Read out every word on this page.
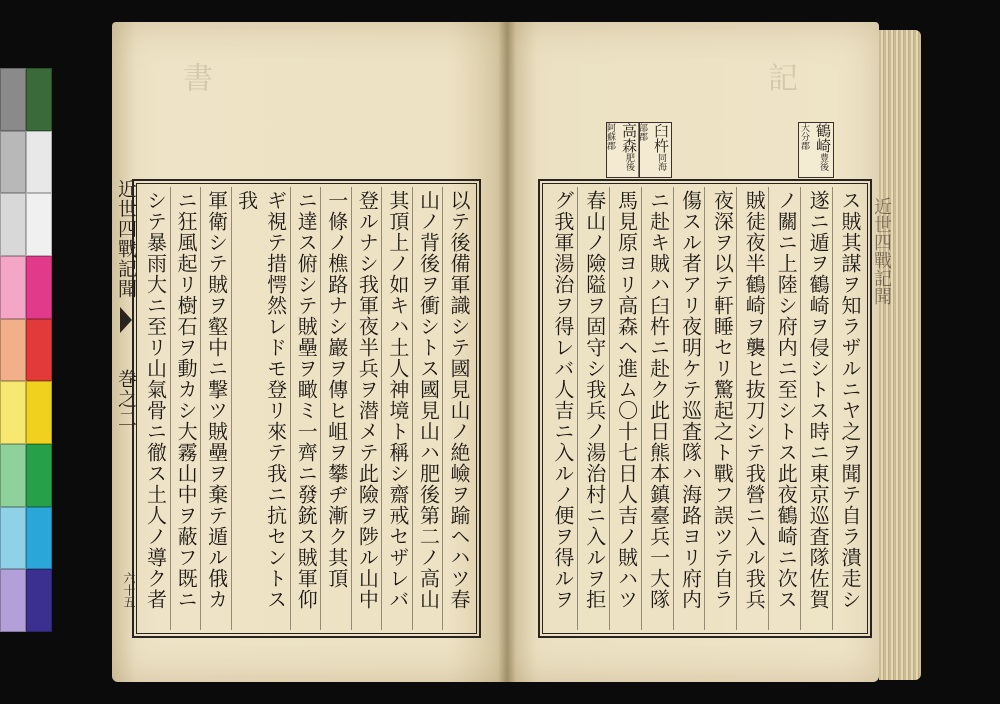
書	記
近世四戰記聞巻之二
六十五	以テ後備軍識シテ國見山ノ絶嶮ヲ踰ヘハツ春
山ノ背後ヲ衝シトス國見山ハ肥後第二ノ高山
其頂上ノ如キハ土人神境ト稱シ齋戒セザレバ
登ルナシ我軍夜半兵ヲ潜メテ此險ヲ陟ル山中
一條ノ樵路ナシ巖ヲ傳ヒ岨ヲ攀ヂ漸ク其頂
ニ達ス俯シテ賊壘ヲ瞰ミ一齊ニ發銃ス賊軍仰
ギ視テ措愕然レドモ登リ來テ我ニ抗セントス我
軍衛シテ賊ヲ壑中ニ撃ツ賊壘ヲ棄テ遁ル俄カ
ニ狂風起リ樹石ヲ動カシ大霧山中ヲ蔽フ既ニ
シテ暴雨大ニ至リ山氣骨ニ徹ス土人ノ導ク者
鶴崎豊後大分郡
臼杵同海部郡
高森肥後阿蘇郡
ス賊其謀ヲ知ラザルニヤ之ヲ聞テ自ラ潰走シ
遂ニ遁ヲ鶴崎ヲ侵シトス時ニ東京巡査隊佐賀
ノ關ニ上陸シ府内ニ至シトス此夜鶴崎ニ次ス
賊徒夜半鶴崎ヲ襲ヒ抜刀シテ我營ニ入ル我兵
夜深ヲ以テ軒睡セリ驚起之ト戰フ誤ツテ自ラ
傷スル者アリ夜明ケテ巡査隊ハ海路ヨリ府内
ニ赴キ賊ハ臼杵ニ赴ク此日熊本鎮臺兵一大隊
馬見原ヨリ高森ヘ進ム〇十七日人吉ノ賊ハツ
春山ノ險隘ヲ固守シ我兵ノ湯治村ニ入ルヲ拒
グ我軍湯治ヲ得レバ人吉ニ入ルノ便ヲ得ルヲ	近世四戰記聞
